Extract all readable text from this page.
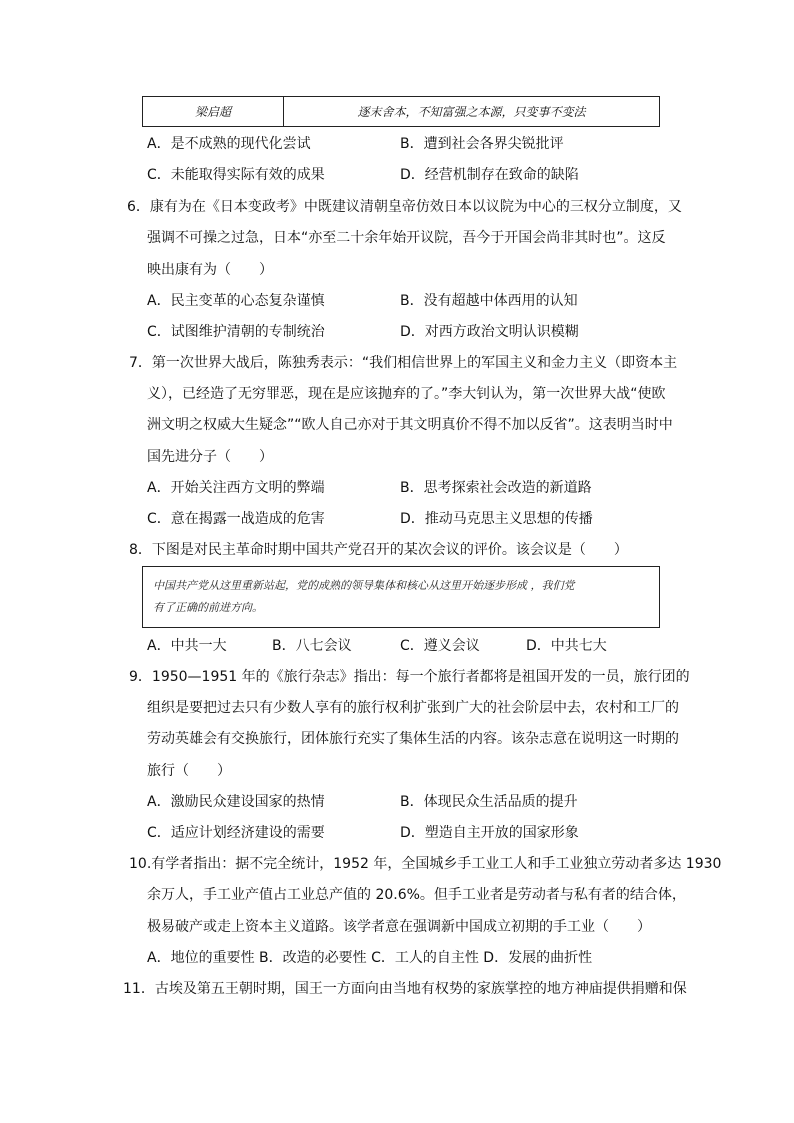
梁启超	逐末舍本，不知富强之本源，只变事不变法
A．是不成熟的现代化尝试	B．遭到社会各界尖锐批评
C．未能取得实际有效的成果	D．经营机制存在致命的缺陷
6．康有为在《日本变政考》中既建议清朝皇帝仿效日本以议院为中心的三权分立制度，又
强调不可操之过急，日本“亦至二十余年始开议院，吾今于开国会尚非其时也”。这反
映出康有为（　　）
A．民主变革的心态复杂谨慎	B．没有超越中体西用的认知
C．试图维护清朝的专制统治	D．对西方政治文明认识模糊
7．第一次世界大战后，陈独秀表示：“我们相信世界上的军国主义和金力主义（即资本主
义），已经造了无穷罪恶，现在是应该抛弃的了。”李大钊认为，第一次世界大战“使欧
洲文明之权威大生疑念”“欧人自己亦对于其文明真价不得不加以反省”。这表明当时中
国先进分子（　　）
A．开始关注西方文明的弊端	B．思考探索社会改造的新道路
C．意在揭露一战造成的危害	D．推动马克思主义思想的传播
8．下图是对民主革命时期中国共产党召开的某次会议的评价。该会议是（　　）
中国共产党从这里重新站起，党的成熟的领导集体和核心从这里开始逐步形成 ，我们党
有了正确的前进方向。
A．中共一大	B．八七会议	C．遵义会议	D．中共七大
9．1950—1951 年的《旅行杂志》指出：每一个旅行者都将是祖国开发的一员，旅行团的
组织是要把过去只有少数人享有的旅行权利扩张到广大的社会阶层中去，农村和工厂的
劳动英雄会有交换旅行，团体旅行充实了集体生活的内容。该杂志意在说明这一时期的
旅行（　　）
A．激励民众建设国家的热情	B．体现民众生活品质的提升
C．适应计划经济建设的需要	D．塑造自主开放的国家形象
10.有学者指出：据不完全统计，1952 年，全国城乡手工业工人和手工业独立劳动者多达 1930
余万人，手工业产值占工业总产值的 20.6%。但手工业者是劳动者与私有者的结合体，
极易破产或走上资本主义道路。该学者意在强调新中国成立初期的手工业（　　）
A．地位的重要性 B．改造的必要性 C．工人的自主性 D．发展的曲折性
11．古埃及第五王朝时期，国王一方面向由当地有权势的家族掌控的地方神庙提供捐赠和保
